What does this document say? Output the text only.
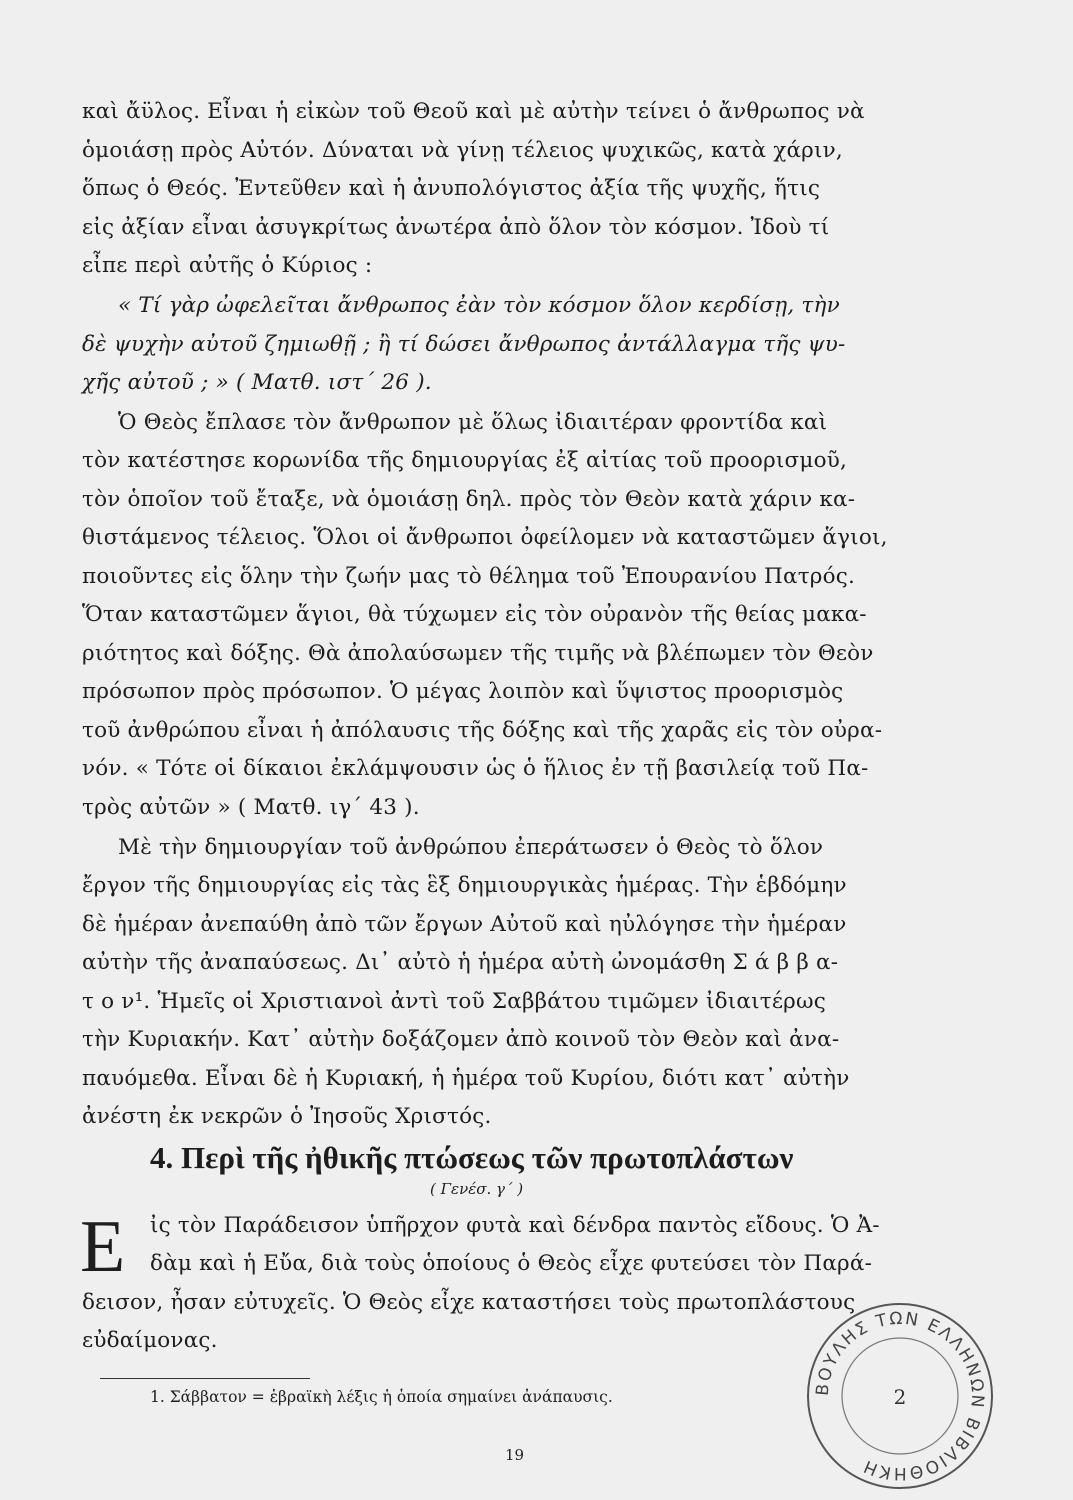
καὶ ἄϋλος. Εἶναι ἡ εἰκὼν τοῦ Θεοῦ καὶ μὲ αὐτὴν τείνει ὁ ἄνθρωπος νὰ
ὁμοιάσῃ πρὸς Αὐτόν. Δύναται νὰ γίνῃ τέλειος ψυχικῶς, κατὰ χάριν,
ὅπως ὁ Θεός. Ἐντεῦθεν καὶ ἡ ἀνυπολόγιστος ἀξία τῆς ψυχῆς, ἥτις
εἰς ἀξίαν εἶναι ἀσυγκρίτως ἀνωτέρα ἀπὸ ὅλον τὸν κόσμον. Ἰδοὺ τί
εἶπε περὶ αὐτῆς ὁ Κύριος :
« Τί γὰρ ὠφελεῖται ἄνθρωπος ἐὰν τὸν κόσμον ὅλον κερδίσῃ, τὴν
δὲ ψυχὴν αὐτοῦ ζημιωθῇ ; ἢ τί δώσει ἄνθρωπος ἀντάλλαγμα τῆς ψυ-
χῆς αὐτοῦ ; » ( Ματθ. ιστ΄ 26 ).
Ὁ Θεὸς ἔπλασε τὸν ἄνθρωπον μὲ ὅλως ἰδιαιτέραν φροντίδα καὶ
τὸν κατέστησε κορωνίδα τῆς δημιουργίας ἐξ αἰτίας τοῦ προορισμοῦ,
τὸν ὁποῖον τοῦ ἔταξε, νὰ ὁμοιάσῃ δηλ. πρὸς τὸν Θεὸν κατὰ χάριν κα-
θιστάμενος τέλειος. Ὅλοι οἱ ἄνθρωποι ὀφείλομεν νὰ καταστῶμεν ἅγιοι,
ποιοῦντες εἰς ὅλην τὴν ζωήν μας τὸ θέλημα τοῦ Ἐπουρανίου Πατρός.
Ὅταν καταστῶμεν ἅγιοι, θὰ τύχωμεν εἰς τὸν οὐρανὸν τῆς θείας μακα-
ριότητος καὶ δόξης. Θὰ ἀπολαύσωμεν τῆς τιμῆς νὰ βλέπωμεν τὸν Θεὸν
πρόσωπον πρὸς πρόσωπον. Ὁ μέγας λοιπὸν καὶ ὕψιστος προορισμὸς
τοῦ ἀνθρώπου εἶναι ἡ ἀπόλαυσις τῆς δόξης καὶ τῆς χαρᾶς εἰς τὸν οὐρα-
νόν. « Τότε οἱ δίκαιοι ἐκλάμψουσιν ὡς ὁ ἥλιος ἐν τῇ βασιλείᾳ τοῦ Πα-
τρὸς αὐτῶν » ( Ματθ. ιγ΄ 43 ).
Μὲ τὴν δημιουργίαν τοῦ ἀνθρώπου ἐπεράτωσεν ὁ Θεὸς τὸ ὅλον
ἔργον τῆς δημιουργίας εἰς τὰς ἓξ δημιουργικὰς ἡμέρας. Τὴν ἑβδόμην
δὲ ἡμέραν ἀνεπαύθη ἀπὸ τῶν ἔργων Αὐτοῦ καὶ ηὐλόγησε τὴν ἡμέραν
αὐτὴν τῆς ἀναπαύσεως. Δι᾽ αὐτὸ ἡ ἡμέρα αὐτὴ ὠνομάσθη Σ ά β β α-
τ ο ν¹. Ἡμεῖς οἱ Χριστιανοὶ ἀντὶ τοῦ Σαββάτου τιμῶμεν ἰδιαιτέρως
τὴν Κυριακήν. Κατ᾽ αὐτὴν δοξάζομεν ἀπὸ κοινοῦ τὸν Θεὸν καὶ ἀνα-
παυόμεθα. Εἶναι δὲ ἡ Κυριακή, ἡ ἡμέρα τοῦ Κυρίου, διότι κατ᾽ αὐτὴν
ἀνέστη ἐκ νεκρῶν ὁ Ἰησοῦς Χριστός.
4. Περὶ τῆς ἠθικῆς πτώσεως τῶν πρωτοπλάστων
( Γενέσ. γ΄ )
E ἰς τὸν Παράδεισον ὑπῆρχον φυτὰ καὶ δένδρα παντὸς εἴδους. Ὁ Ἀ-
δὰμ καὶ ἡ Εὔα, διὰ τοὺς ὁποίους ὁ Θεὸς εἶχε φυτεύσει τὸν Παρά-
δεισον, ἦσαν εὐτυχεῖς. Ὁ Θεὸς εἶχε καταστήσει τοὺς πρωτοπλάστους
εὐδαίμονας.
1. Σάββατον = ἑβραϊκὴ λέξις ἡ ὁποία σημαίνει ἀνάπαυσις.
19
ΒΟΥΛΗΣ ΤΩΝ ΕΛΛΗΝΩΝ ΒΙΒΛΙΟΘΗΚΗ
2
